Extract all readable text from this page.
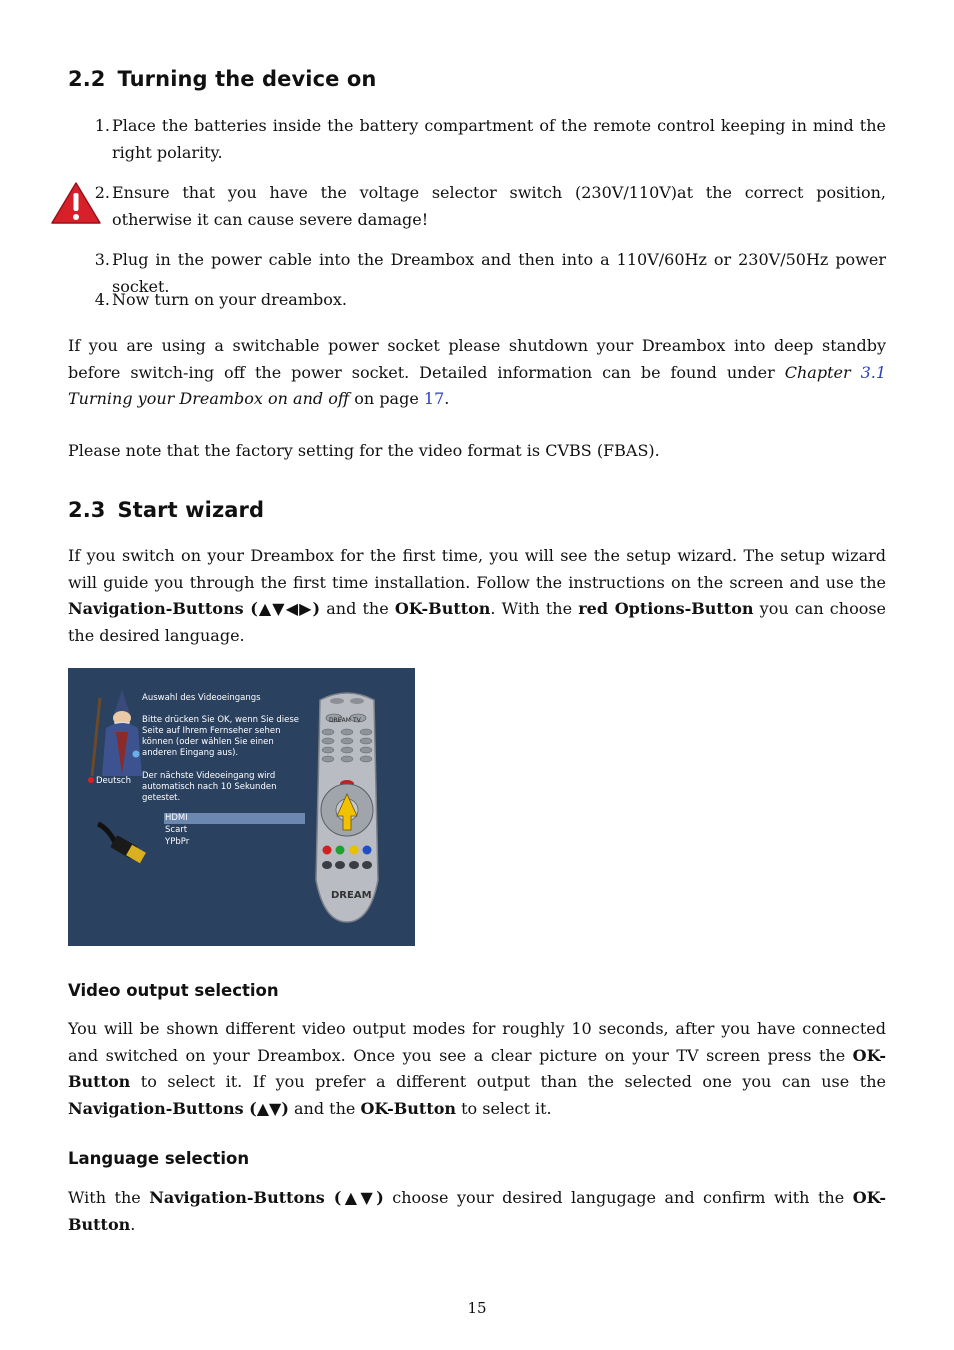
2.2 Turning the device on
1. Place the batteries inside the battery compartment of the remote control keeping in mind the right polarity.
2. Ensure that you have the voltage selector switch (230V/110V)at the correct position, otherwise it can cause severe damage!
3. Plug in the power cable into the Dreambox and then into a 110V/60Hz or 230V/50Hz power socket.
4. Now turn on your dreambox.

If you are using a switchable power socket please shutdown your Dreambox into deep standby before switch-ing off the power socket. Detailed information can be found under Chapter 3.1 Turning your Dreambox on and off on page 17.

Please note that the factory setting for the video format is CVBS (FBAS).

2.3 Start wizard

If you switch on your Dreambox for the first time, you will see the setup wizard. The setup wizard will guide you through the first time installation. Follow the instructions on the screen and use the Navigation-Buttons (▲▼◀▶) and the OK-Button. With the red Options-Button you can choose the desired language.

Video output selection

You will be shown different video output modes for roughly 10 seconds, after you have connected and switched on your Dreambox. Once you see a clear picture on your TV screen press the OK-Button to select it. If you prefer a different output than the selected one you can use the Navigation-Buttons (▲▼) and the OK-Button to select it.

Language selection

With the Navigation-Buttons (▲▼) choose your desired langugage and confirm with the OK-Button.

Deutsch
Auswahl des Videoeingangs
Bitte drücken Sie OK, wenn Sie diese Seite auf Ihrem Fernseher sehen können (oder wählen Sie einen anderen Eingang aus).
Der nächste Videoeingang wird automatisch nach 10 Sekunden getestet.
HDMI
Scart
YPbPr
DREAM TV
DREAM
15
